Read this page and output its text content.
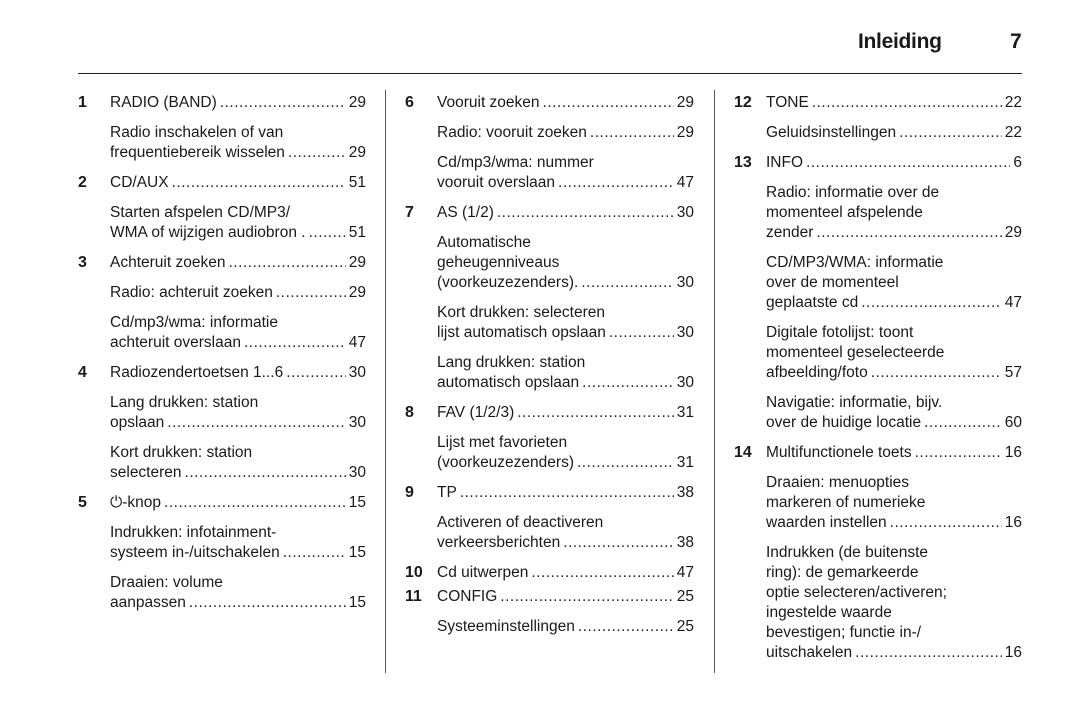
Inleiding	7
1 RADIO (BAND) .....	29
Radio inschakelen of van
frequentiebereik wisselen .....	29
2 CD/AUX .....	51
Starten afspelen CD/MP3/
WMA of wijzigen audiobron . .....	51
3 Achteruit zoeken .....	29
Radio: achteruit zoeken .....	29
Cd/mp3/wma: informatie
achteruit overslaan .....	47
4 Radiozendertoetsen 1...6 .....	30
Lang drukken: station
opslaan .....	30
Kort drukken: station
selecteren .....	30
5 ⏻-knop .....	15
Indrukken: infotainment-
systeem in-/uitschakelen .....	15
Draaien: volume
aanpassen .....	15
6 Vooruit zoeken .....	29
Radio: vooruit zoeken .....	29
Cd/mp3/wma: nummer
vooruit overslaan .....	47
7 AS (1/2) .....	30
Automatische
geheugenniveaus
(voorkeuzezenders). .....	30
Kort drukken: selecteren
lijst automatisch opslaan .....	30
Lang drukken: station
automatisch opslaan .....	30
8 FAV (1/2/3) .....	31
Lijst met favorieten
(voorkeuzezenders) .....	31
9 TP .....	38
Activeren of deactiveren
verkeersberichten .....	38
10 Cd uitwerpen .....	47
11 CONFIG .....	25
Systeeminstellingen .....	25
12 TONE .....	22
Geluidsinstellingen .....	22
13 INFO .....	6
Radio: informatie over de
momenteel afspelende
zender .....	29
CD/MP3/WMA: informatie
over de momenteel
geplaatste cd .....	47
Digitale fotolijst: toont
momenteel geselecteerde
afbeelding/foto .....	57
Navigatie: informatie, bijv.
over de huidige locatie .....	60
14 Multifunctionele toets .....	16
Draaien: menuopties
markeren of numerieke
waarden instellen .....	16
Indrukken (de buitenste
ring): de gemarkeerde
optie selecteren/activeren;
ingestelde waarde
bevestigen; functie in-/
uitschakelen .....	16
